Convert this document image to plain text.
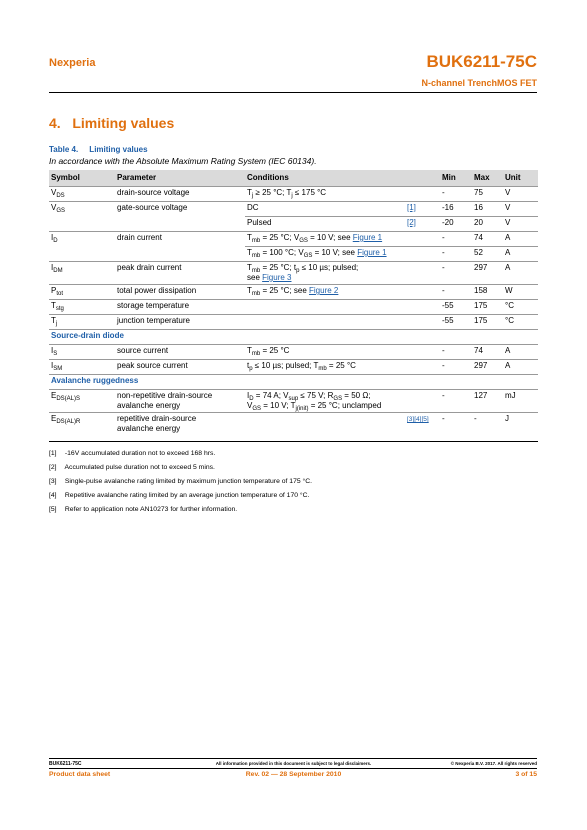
Nexperia	BUK6211-75C
N-channel TrenchMOS FET
4.   Limiting values
Table 4.     Limiting values
In accordance with the Absolute Maximum Rating System (IEC 60134).
Symbol	Parameter	Conditions		Min	Max	Unit
$V_{DS}$	drain-source voltage	$T_j \ge 25$ °C; $T_j \le 175$ °C		-	75	V
$V_{GS}$	gate-source voltage	DC	[1]	-16	16	V
		Pulsed	[2]	-20	20	V
$I_D$	drain current	$T_{mb} = 25$ °C; $V_{GS} = 10$ V; see Figure 1		-	74	A
		$T_{mb} = 100$ °C; $V_{GS} = 10$ V; see Figure 1		-	52	A
$I_{DM}$	peak drain current	$T_{mb} = 25$ °C; $t_p \le 10$ µs; pulsed;
see Figure 3		-	297	A
$P_{tot}$	total power dissipation	$T_{mb} = 25$ °C; see Figure 2		-	158	W
$T_{stg}$	storage temperature			-55	175	°C
$T_j$	junction temperature			-55	175	°C
Source-drain diode						
$I_S$	source current	$T_{mb} = 25$ °C		-	74	A
$I_{SM}$	peak source current	$t_p \le 10$ µs; pulsed; $T_{mb} = 25$ °C		-	297	A
Avalanche ruggedness						
$E_{DS(AL)S}$	non-repetitive drain-source
avalanche energy	$I_D = 74$ A; $V_{sup} \le 75$ V; $R_{GS} = 50$ Ω;
$V_{GS} = 10$ V; $T_{j(init)} = 25$ °C; unclamped		-	127	mJ
$E_{DS(AL)R}$	repetitive drain-source
avalanche energy		[3][4][5]	-	-	J
[1] -16V accumulated duration not to exceed 168 hrs.
[2] Accumulated pulse duration not to exceed 5 mins.
[3] Single-pulse avalanche rating limited by maximum junction temperature of 175 °C.
[4] Repetitive avalanche rating limited by an average junction temperature of 170 °C.
[5] Refer to application note AN10273 for further information.
BUK6211-75C	All information provided in this document is subject to legal disclaimers.	© Nexperia B.V. 2017. All rights reserved
Product data sheet	Rev. 02 — 28 September 2010	3 of 15
